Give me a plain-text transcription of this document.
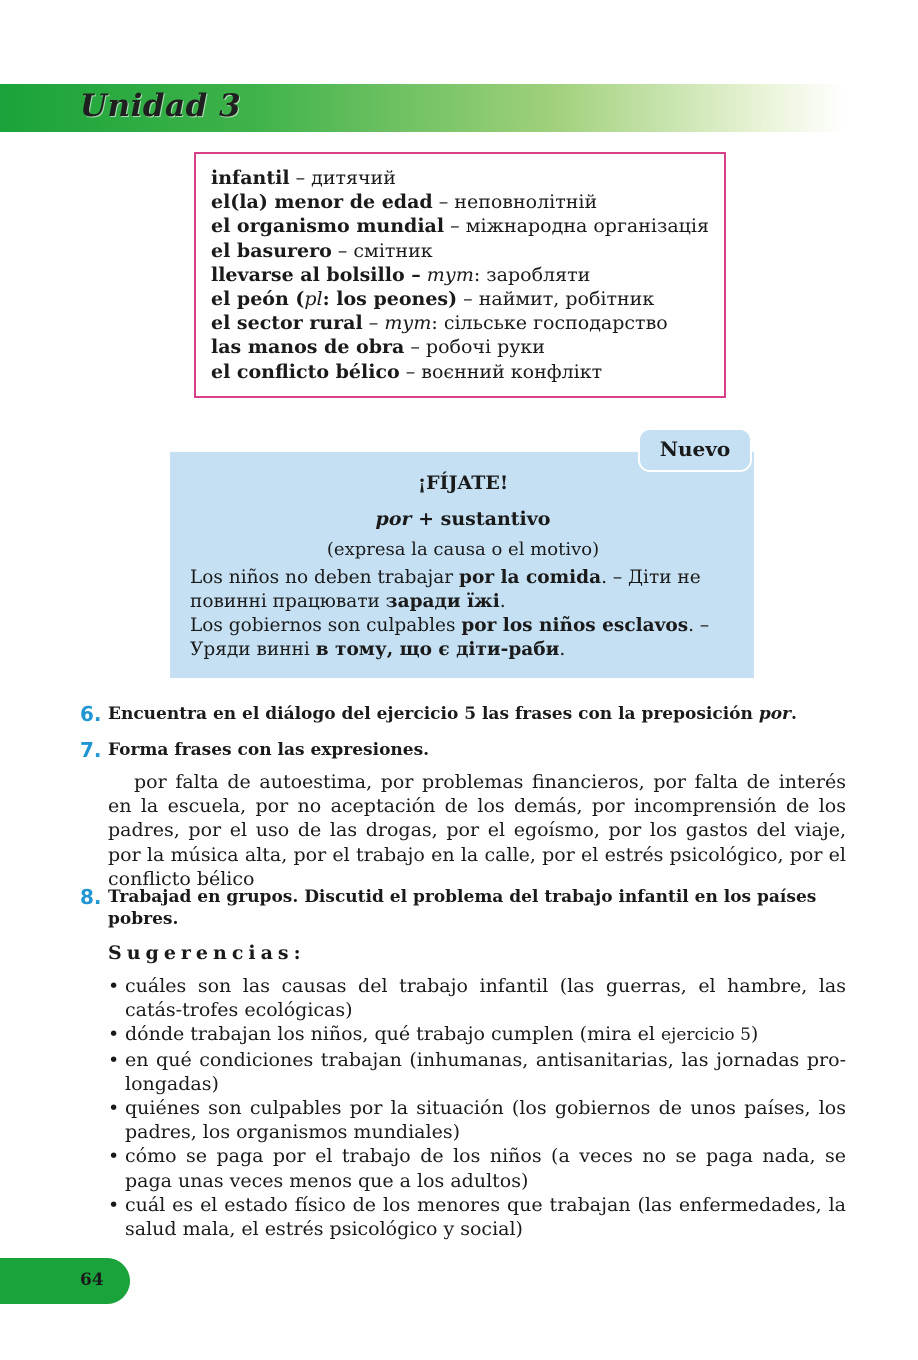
Unidad 3
infantil – дитячий
el(la) menor de edad – неповнолітній
el organismo mundial – міжнародна організація
el basurero – смітник
llevarse al bolsillo – тут: заробляти
el peón (pl: los peones) – наймит, робітник
el sector rural – тут: сільське господарство
las manos de obra – робочі руки
el conflicto bélico – воєнний конфлікт
Nuevo
¡FÍJATE!
por + sustantivo
(expresa la causa o el motivo)
Los niños no deben trabajar por la comida. – Діти не повинні працювати заради їжі.
Los gobiernos son culpables por los niños esclavos. – Уряди винні в тому, що є діти-раби.
6. Encuentra en el diálogo del ejercicio 5 las frases con la preposición por.
7. Forma frases con las expresiones.
por falta de autoestima, por problemas financieros, por falta de interés en la escuela, por no aceptación de los demás, por incomprensión de los padres, por el uso de las drogas, por el egoísmo, por los gastos del viaje, por la música alta, por el trabajo en la calle, por el estrés psicológico, por el conflicto bélico
8. Trabajad en grupos. Discutid el problema del trabajo infantil en los países pobres.
Sugerencias:
• cuáles son las causas del trabajo infantil (las guerras, el hambre, las catás-trofes ecológicas)
• dónde trabajan los niños, qué trabajo cumplen (mira el ejercicio 5)
• en qué condiciones trabajan (inhumanas, antisanitarias, las jornadas pro-longadas)
• quiénes son culpables por la situación (los gobiernos de unos países, los padres, los organismos mundiales)
• cómo se paga por el trabajo de los niños (a veces no se paga nada, se paga unas veces menos que a los adultos)
• cuál es el estado físico de los menores que trabajan (las enfermedades, la salud mala, el estrés psicológico y social)
64
